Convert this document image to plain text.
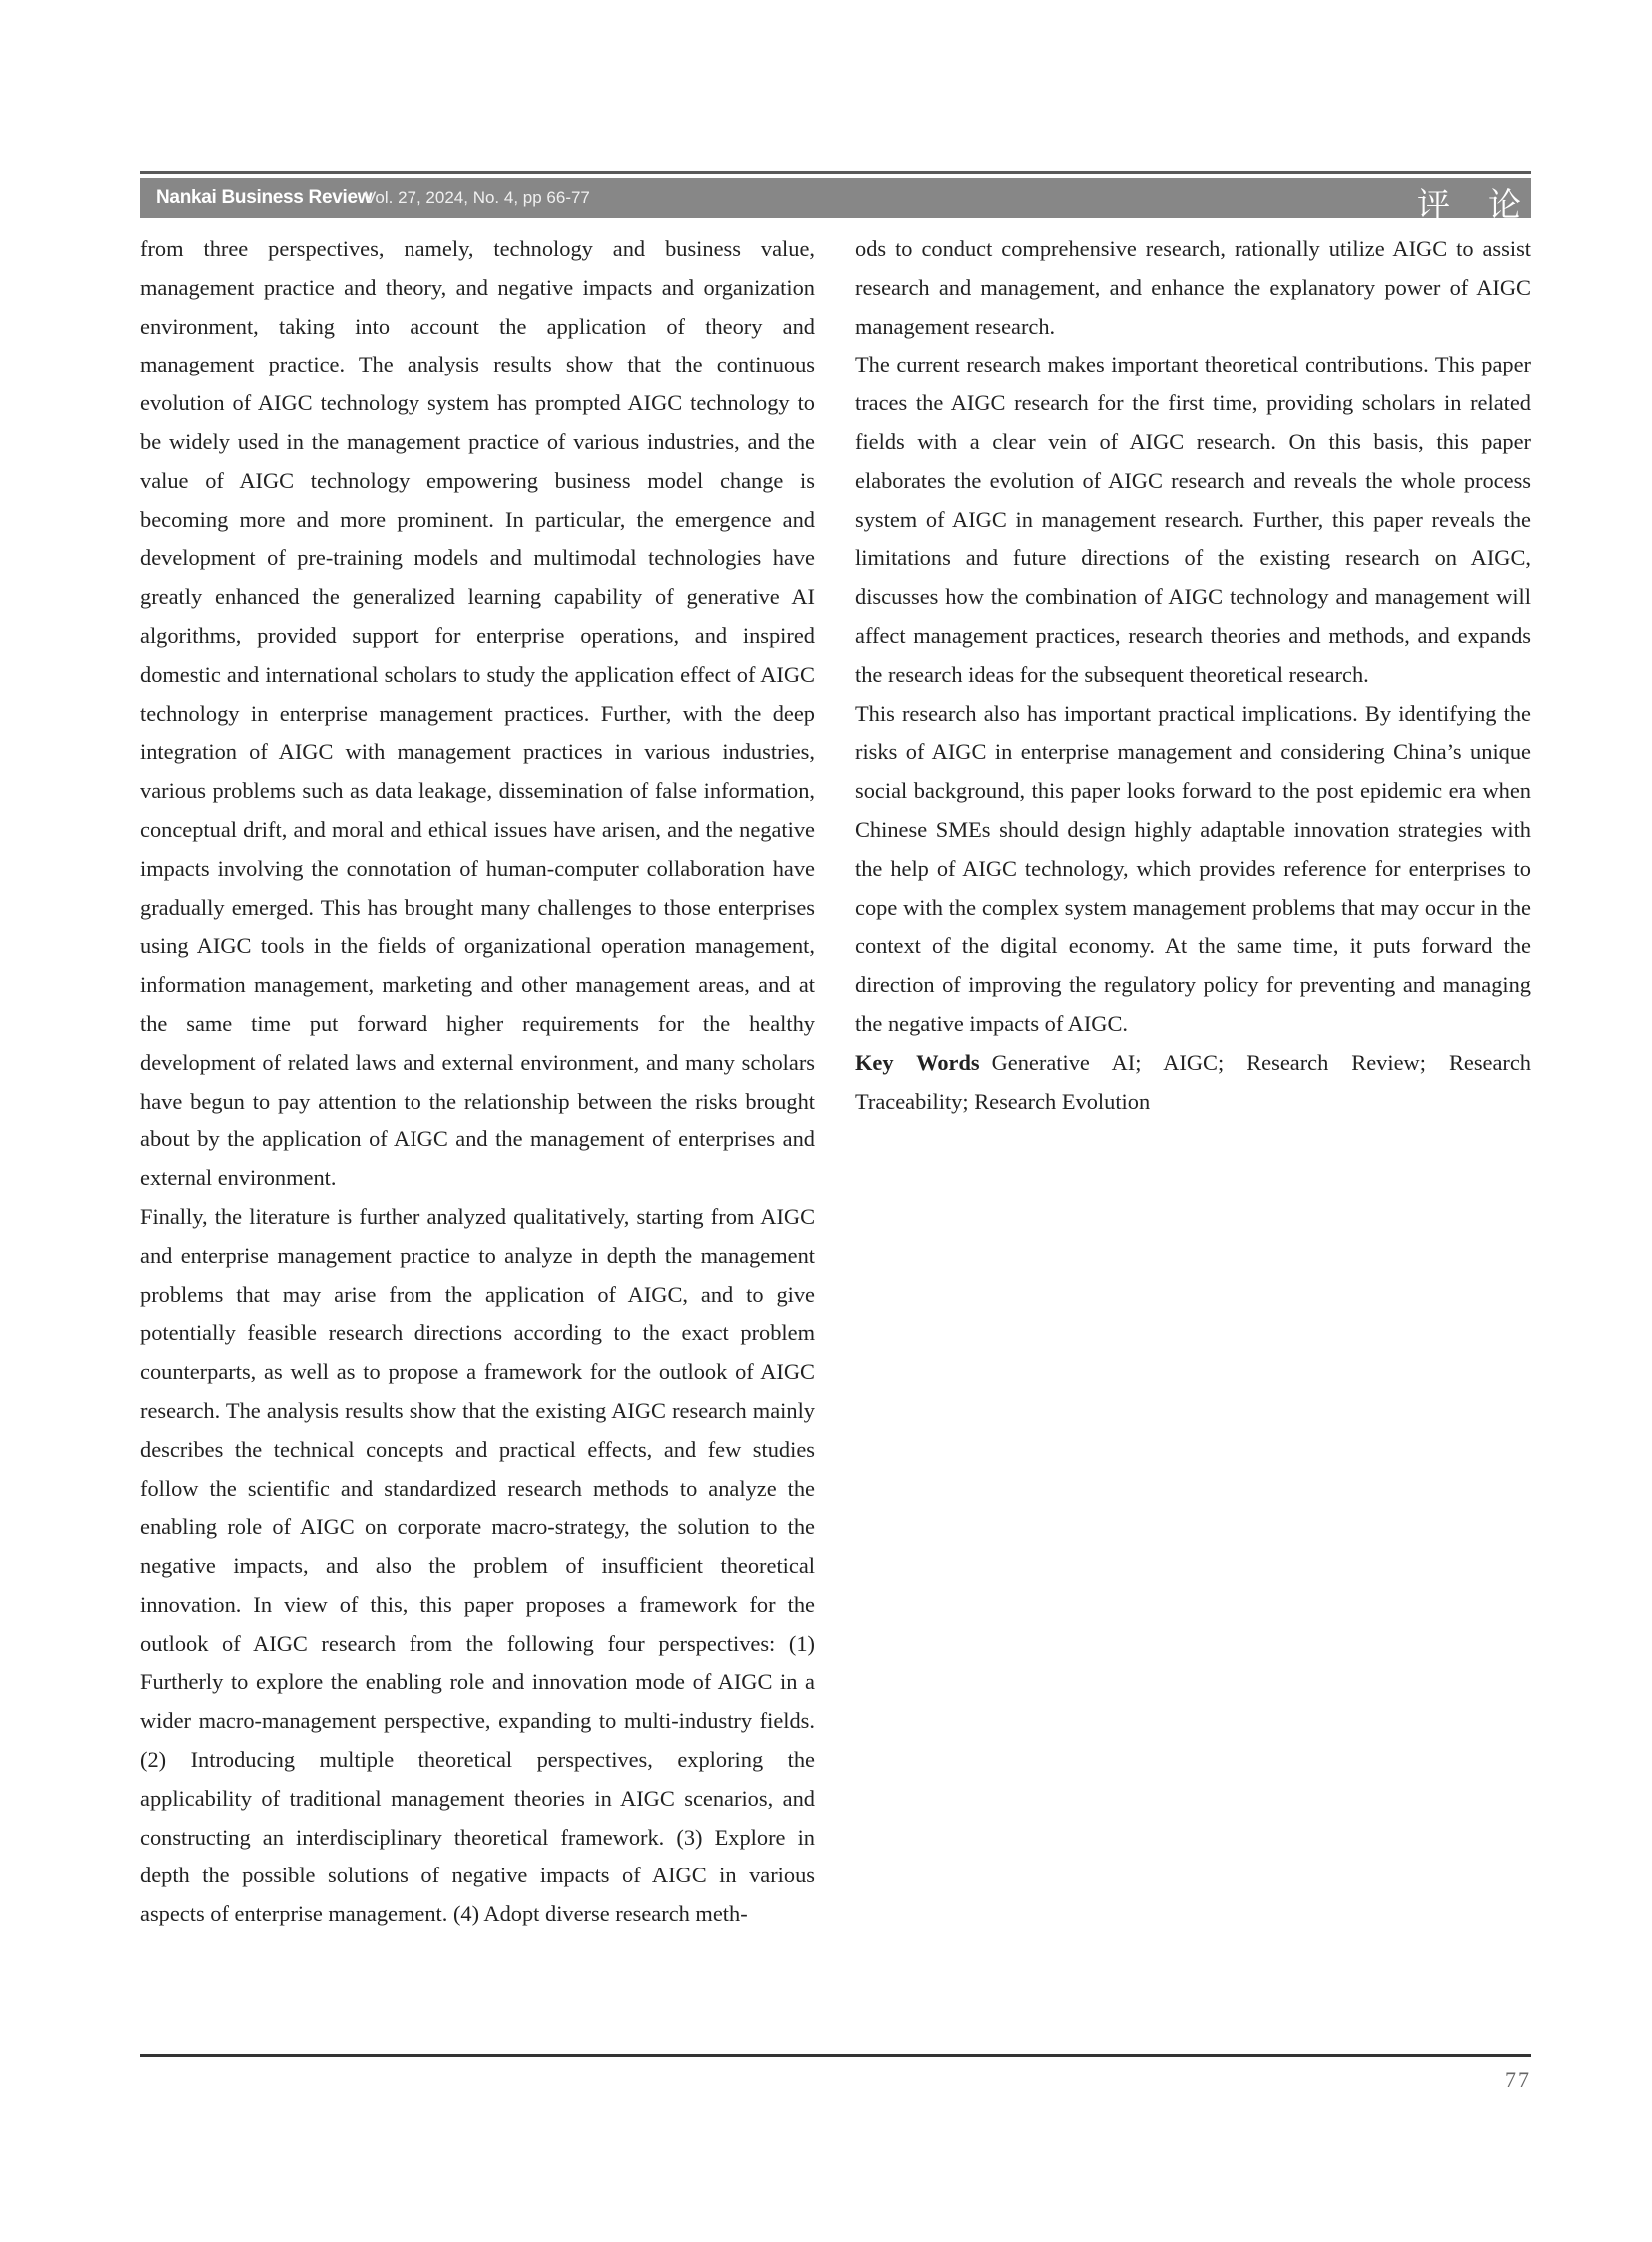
Nankai Business Review
Vol. 27, 2024, No. 4, pp 66-77	评论

from three perspectives, namely, technology and business value, management practice and theory, and negative impacts and organization environment, taking into account the application of theory and management practice. The analysis results show that the continuous evolution of AIGC technology system has prompted AIGC technology to be widely used in the management practice of various industries, and the value of AIGC technology empowering business model change is becoming more and more prominent. In particular, the emergence and development of pre-training models and multimodal technologies have greatly enhanced the generalized learning capability of generative AI algorithms, provided support for enterprise operations, and inspired domestic and international scholars to study the application effect of AIGC technology in enterprise management practices. Further, with the deep integration of AIGC with management practices in various industries, various problems such as data leakage, dissemination of false information, conceptual drift, and moral and ethical issues have arisen, and the negative impacts involving the connotation of human-computer collaboration have gradually emerged. This has brought many challenges to those enterprises using AIGC tools in the fields of organizational operation management, information management, marketing and other management areas, and at the same time put forward higher requirements for the healthy development of related laws and external environment, and many scholars have begun to pay attention to the relationship between the risks brought about by the application of AIGC and the management of enterprises and external environment.

Finally, the literature is further analyzed qualitatively, starting from AIGC and enterprise management practice to analyze in depth the management problems that may arise from the application of AIGC, and to give potentially feasible research directions according to the exact problem counterparts, as well as to propose a framework for the outlook of AIGC research. The analysis results show that the existing AIGC research mainly describes the technical concepts and practical effects, and few studies follow the scientific and standardized research methods to analyze the enabling role of AIGC on corporate macro-strategy, the solution to the negative impacts, and also the problem of insufficient theoretical innovation. In view of this, this paper proposes a framework for the outlook of AIGC research from the following four perspectives: (1) Furtherly to explore the enabling role and innovation mode of AIGC in a wider macro-management perspective, expanding to multi-industry fields. (2) Introducing multiple theoretical perspectives, exploring the applicability of traditional management theories in AIGC scenarios, and constructing an interdisciplinary theoretical framework. (3) Explore in depth the possible solutions of negative impacts of AIGC in various aspects of enterprise management. (4) Adopt diverse research meth-

ods to conduct comprehensive research, rationally utilize AIGC to assist research and management, and enhance the explanatory power of AIGC management research.

The current research makes important theoretical contributions. This paper traces the AIGC research for the first time, providing scholars in related fields with a clear vein of AIGC research. On this basis, this paper elaborates the evolution of AIGC research and reveals the whole process system of AIGC in management research. Further, this paper reveals the limitations and future directions of the existing research on AIGC, discusses how the combination of AIGC technology and management will affect management practices, research theories and methods, and expands the research ideas for the subsequent theoretical research.

This research also has important practical implications. By identifying the risks of AIGC in enterprise management and considering China’s unique social background, this paper looks forward to the post epidemic era when Chinese SMEs should design highly adaptable innovation strategies with the help of AIGC technology, which provides reference for enterprises to cope with the complex system management problems that may occur in the context of the digital economy. At the same time, it puts forward the direction of improving the regulatory policy for preventing and managing the negative impacts of AIGC.

Key Words Generative AI; AIGC; Research Review; Research Traceability; Research Evolution

77
